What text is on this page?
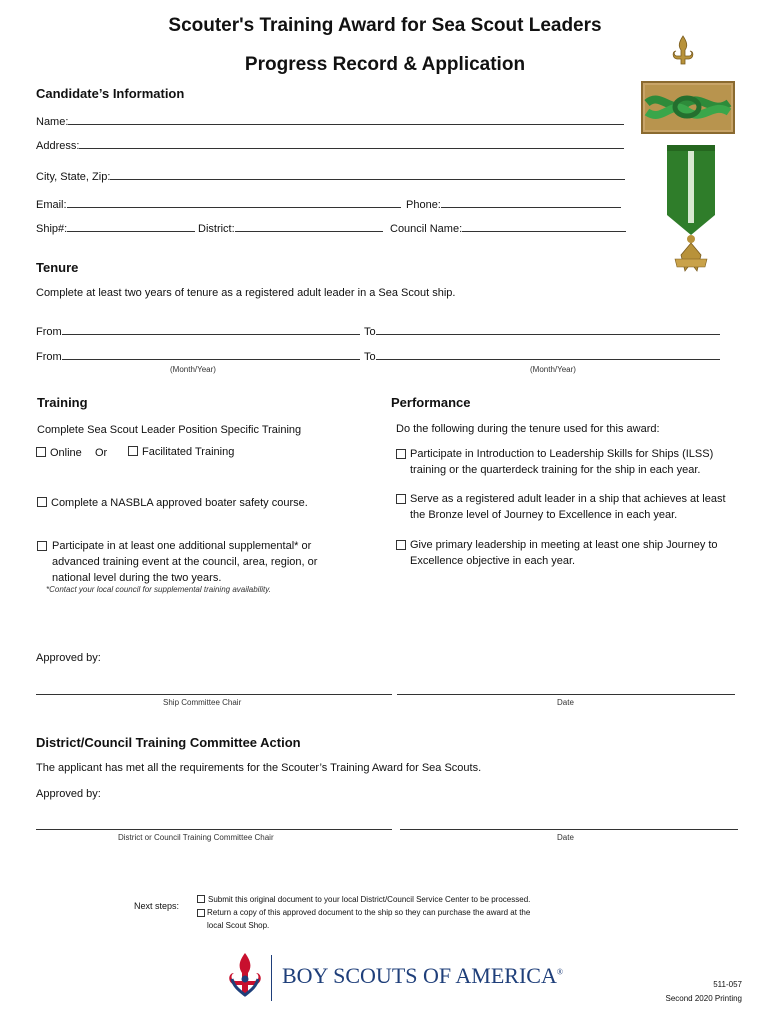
Scouter's Training Award for Sea Scout Leaders
Progress Record & Application
Candidate’s Information
Name:
Address:
City, State, Zip:
Email:	Phone:
Ship#:	District:	Council Name:
Tenure
Complete at least two years of tenure as a registered adult leader in a Sea Scout ship.
From	To
From	To
(Month/Year)	(Month/Year)
Training
Complete Sea Scout Leader Position Specific Training
Online Or	Facilitated Training
Complete a NASBLA approved boater safety course.
Participate in at least one additional supplemental* or advanced training event at the council, area, region, or national level during the two years.
*Contact your local council for supplemental training availability.
Performance
Do the following during the tenure used for this award:
Participate in Introduction to Leadership Skills for Ships (ILSS) training or the quarterdeck training for the ship in each year.
Serve as a registered adult leader in a ship that achieves at least the Bronze level of Journey to Excellence in each year.
Give primary leadership in meeting at least one ship Journey to Excellence objective in each year.
Approved by:
Ship Committee Chair	Date
District/Council Training Committee Action
The applicant has met all the requirements for the Scouter’s Training Award for Sea Scouts.
Approved by:
District or Council Training Committee Chair	Date
Next steps:
Submit this original document to your local District/Council Service Center to be processed.
Return a copy of this approved document to the ship so they can purchase the award at the local Scout Shop.
BOY SCOUTS OF AMERICA®
511-057
Second 2020 Printing
